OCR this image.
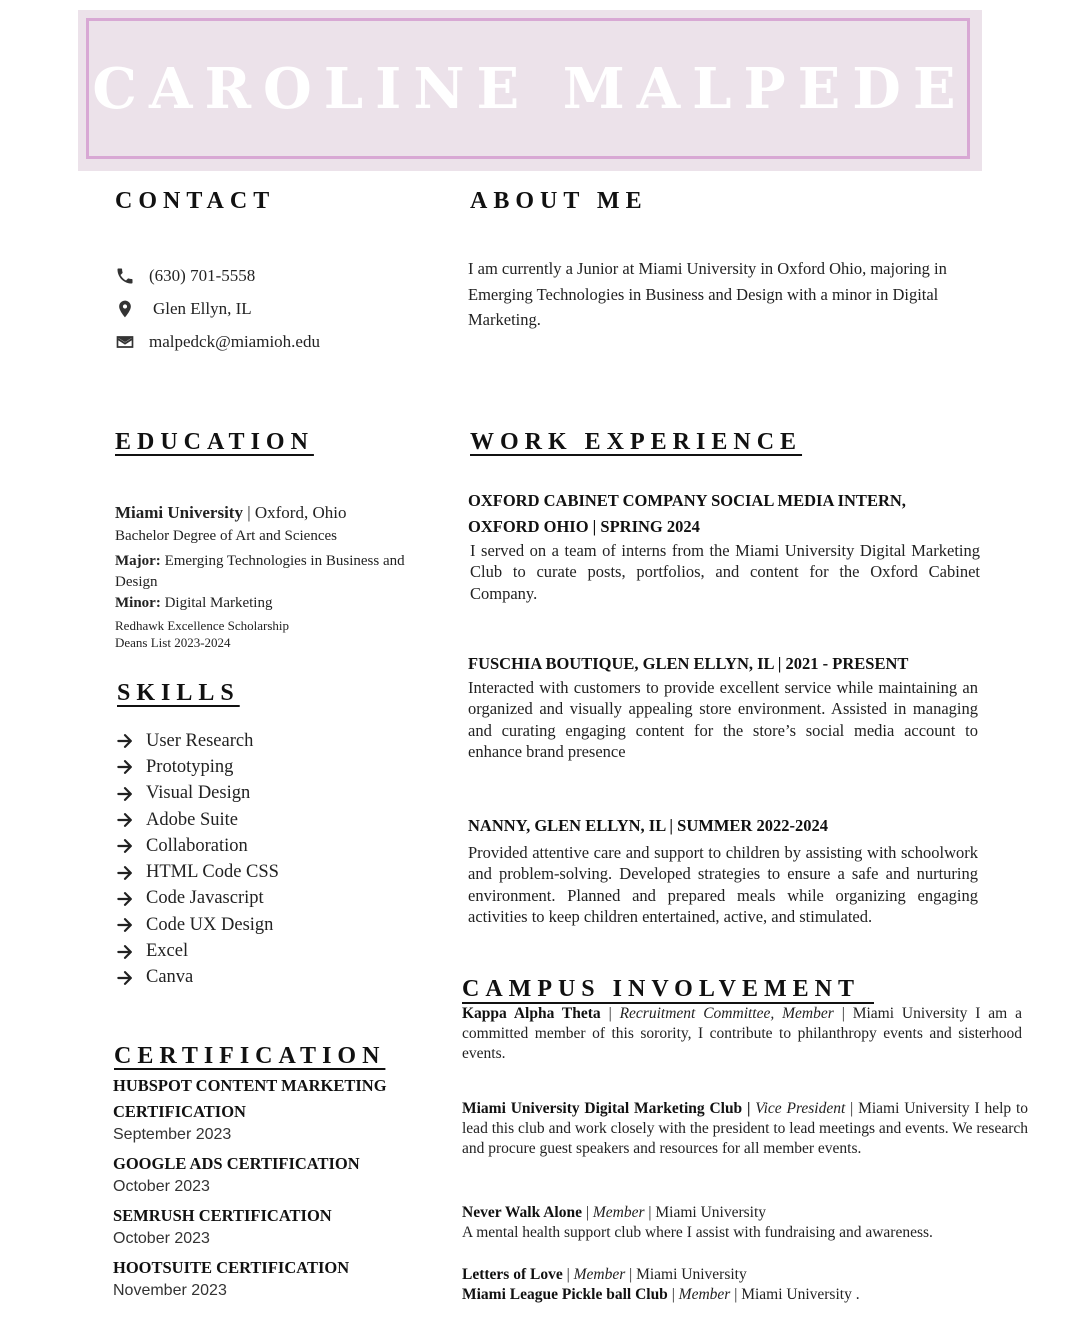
CAROLINE MALPEDE
CONTACT
(630) 701-5558
Glen Ellyn, IL
malpedck@miamioh.edu
ABOUT ME
I am currently a Junior at Miami University in Oxford Ohio, majoring in Emerging Technologies in Business and Design with a minor in Digital Marketing.
EDUCATION
Miami University | Oxford, Ohio
Bachelor Degree of Art and Sciences
Major: Emerging Technologies in Business and Design
Minor: Digital Marketing
Redhawk Excellence Scholarship
Deans List 2023-2024
SKILLS
User Research
Prototyping
Visual Design
Adobe Suite
Collaboration
HTML Code CSS
Code Javascript
Code UX Design
Excel
Canva
CERTIFICATION
HUBSPOT CONTENT MARKETING CERTIFICATION
September 2023
GOOGLE ADS CERTIFICATION
October 2023
SEMRUSH CERTIFICATION
October 2023
HOOTSUITE CERTIFICATION
November 2023
WORK EXPERIENCE
OXFORD CABINET COMPANY SOCIAL MEDIA INTERN,
OXFORD OHIO | SPRING 2024
I served on a team of interns from the Miami University Digital Marketing Club to curate posts, portfolios, and content for the Oxford Cabinet Company.
FUSCHIA BOUTIQUE, GLEN ELLYN, IL | 2021 - PRESENT
Interacted with customers to provide excellent service while maintaining an organized and visually appealing store environment. Assisted in managing and curating engaging content for the store’s social media account to enhance brand presence
NANNY, GLEN ELLYN, IL | SUMMER 2022-2024
Provided attentive care and support to children by assisting with schoolwork and problem-solving. Developed strategies to ensure a safe and nurturing environment. Planned and prepared meals while organizing engaging activities to keep children entertained, active, and stimulated.
CAMPUS INVOLVEMENT
Kappa Alpha Theta | Recruitment Committee, Member | Miami University I am a committed member of this sorority, I contribute to philanthropy events and sisterhood events.
Miami University Digital Marketing Club | Vice President | Miami University I help to lead this club and work closely with the president to lead meetings and events. We research and procure guest speakers and resources for all member events.
Never Walk Alone | Member | Miami University
A mental health support club where I assist with fundraising and awareness.
Letters of Love | Member | Miami University
Miami League Pickle ball Club | Member | Miami University .
